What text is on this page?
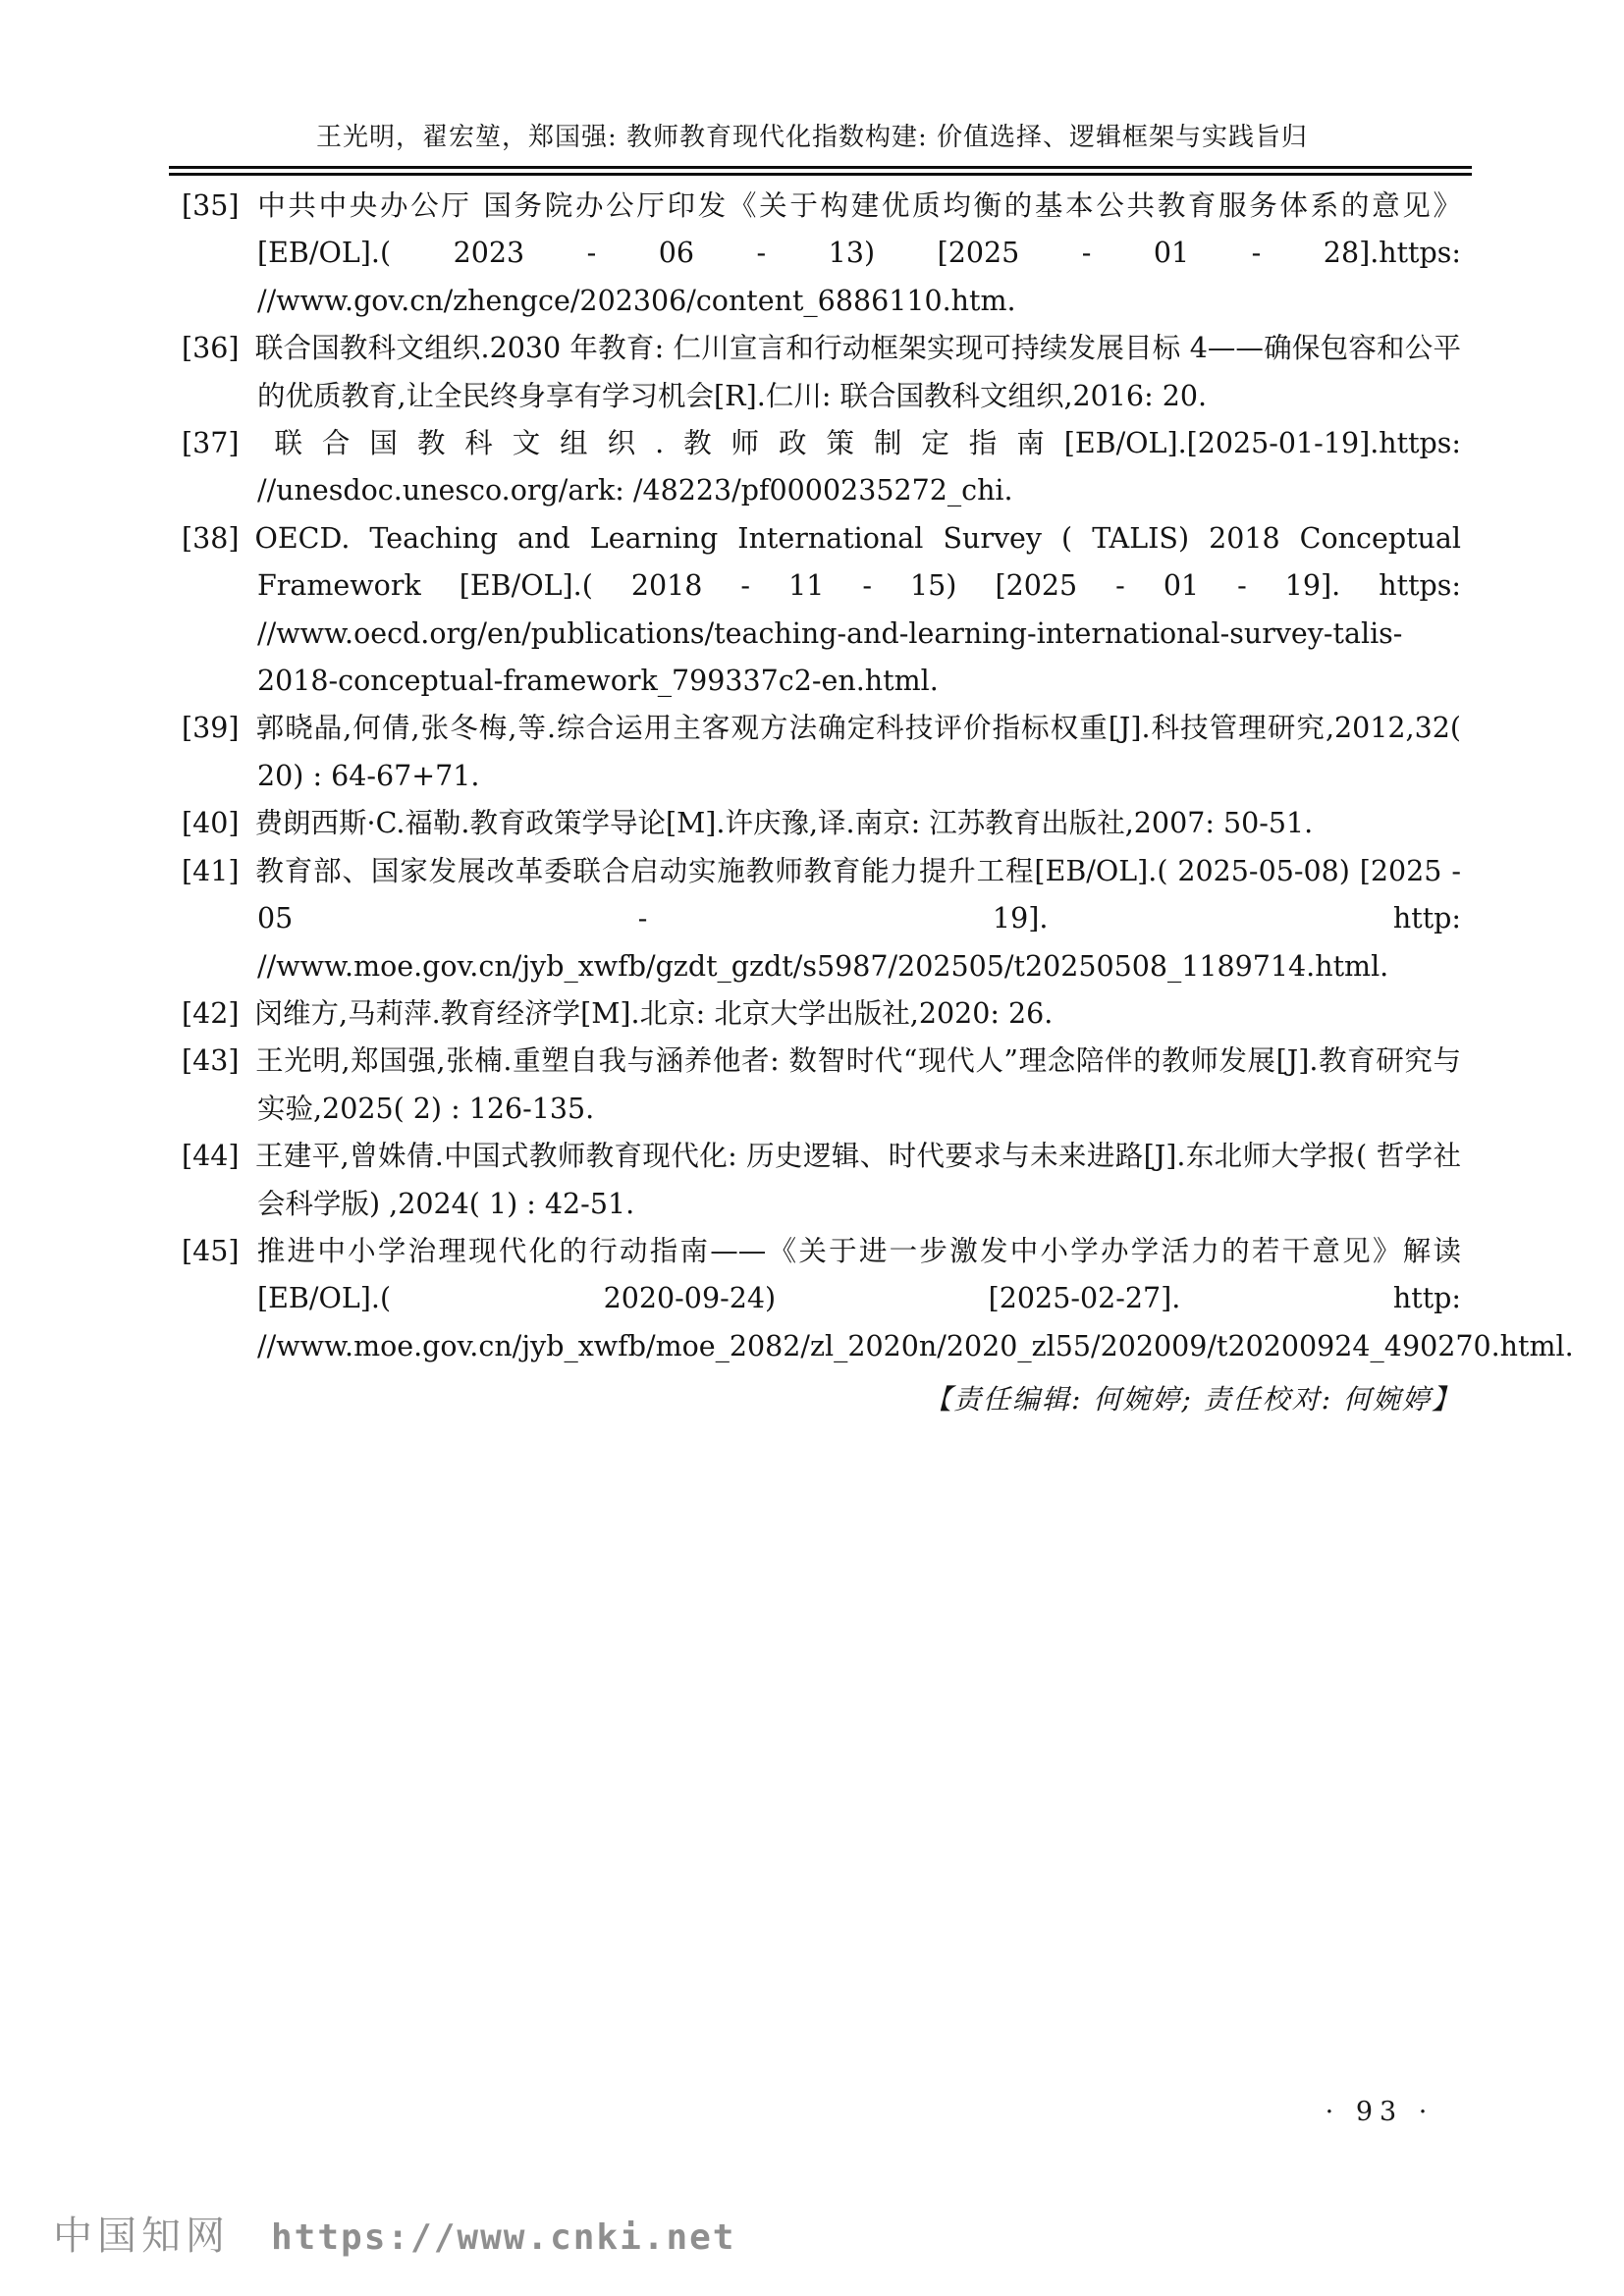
王光明，翟宏堃，郑国强: 教师教育现代化指数构建: 价值选择、逻辑框架与实践旨归
[35] 中共中央办公厅 国务院办公厅印发《关于构建优质均衡的基本公共教育服务体系的意见》[EB/OL].( 2023 - 06 - 13) [2025 - 01 - 28].https: //www.gov.cn/zhengce/202306/content_6886110.htm.
[36] 联合国教科文组织.2030 年教育: 仁川宣言和行动框架实现可持续发展目标 4——确保包容和公平的优质教育,让全民终身享有学习机会[R].仁川: 联合国教科文组织,2016: 20.
[37] 联合国教科文组织.教师政策制定指南[EB/OL].[2025-01-19].https: //unesdoc.unesco.org/ark: /48223/pf0000235272_chi.
[38] OECD. Teaching and Learning International Survey ( TALIS) 2018 Conceptual Framework [EB/OL].( 2018 - 11 - 15) [2025 - 01 - 19]. https: //www.oecd.org/en/publications/teaching-and-learning-international-survey-talis-2018-conceptual-framework_799337c2-en.html.
[39] 郭晓晶,何倩,张冬梅,等.综合运用主客观方法确定科技评价指标权重[J].科技管理研究,2012,32( 20) : 64-67+71.
[40] 费朗西斯·C.福勒.教育政策学导论[M].许庆豫,译.南京: 江苏教育出版社,2007: 50-51.
[41] 教育部、国家发展改革委联合启动实施教师教育能力提升工程[EB/OL].( 2025-05-08) [2025 - 05 - 19]. http: //www.moe.gov.cn/jyb_xwfb/gzdt_gzdt/s5987/202505/t20250508_1189714.html.
[42] 闵维方,马莉萍.教育经济学[M].北京: 北京大学出版社,2020: 26.
[43] 王光明,郑国强,张楠.重塑自我与涵养他者: 数智时代“现代人”理念陪伴的教师发展[J].教育研究与实验,2025( 2) : 126-135.
[44] 王建平,曾姝倩.中国式教师教育现代化: 历史逻辑、时代要求与未来进路[J].东北师大学报( 哲学社会科学版) ,2024( 1) : 42-51.
[45] 推进中小学治理现代化的行动指南——《关于进一步激发中小学办学活力的若干意见》解读[EB/OL].( 2020-09-24) [2025-02-27]. http: //www.moe.gov.cn/jyb_xwfb/moe_2082/zl_2020n/2020_zl55/202009/t20200924_490270.html.
【责任编辑: 何婉婷; 责任校对: 何婉婷】
· 93 ·
中国知网 https://www.cnki.net
